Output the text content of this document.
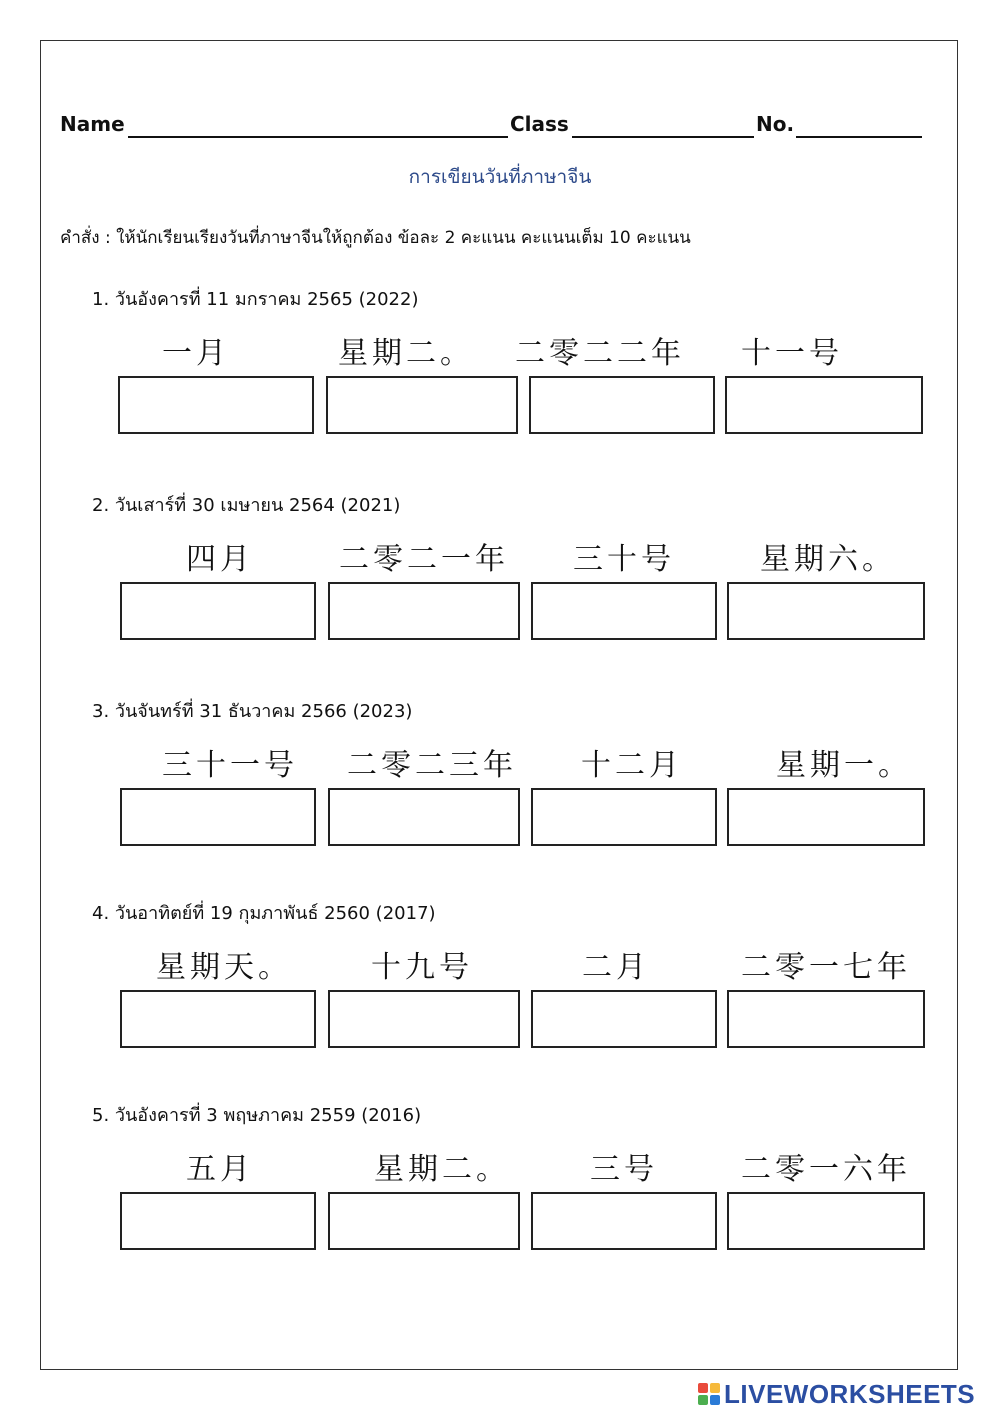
Name	Class	No.
การเขียนวันที่ภาษาจีน
คำสั่ง : ให้นักเรียนเรียงวันที่ภาษาจีนให้ถูกต้อง ข้อละ 2 คะแนน คะแนนเต็ม 10 คะแนน
1. วันอังคารที่ 11 มกราคม 2565 (2022)
一月	星期二。	二零二二年	十一号
2. วันเสาร์ที่ 30 เมษายน 2564 (2021)
四月	二零二一年	三十号	星期六。
3. วันจันทร์ที่ 31 ธันวาคม 2566 (2023)
三十一号	二零二三年	十二月	星期一。
4. วันอาทิตย์ที่ 19 กุมภาพันธ์ 2560 (2017)
星期天。	十九号	二月	二零一七年
5. วันอังคารที่ 3 พฤษภาคม 2559 (2016)
五月	星期二。	三号	二零一六年
LIVEWORKSHEETS
